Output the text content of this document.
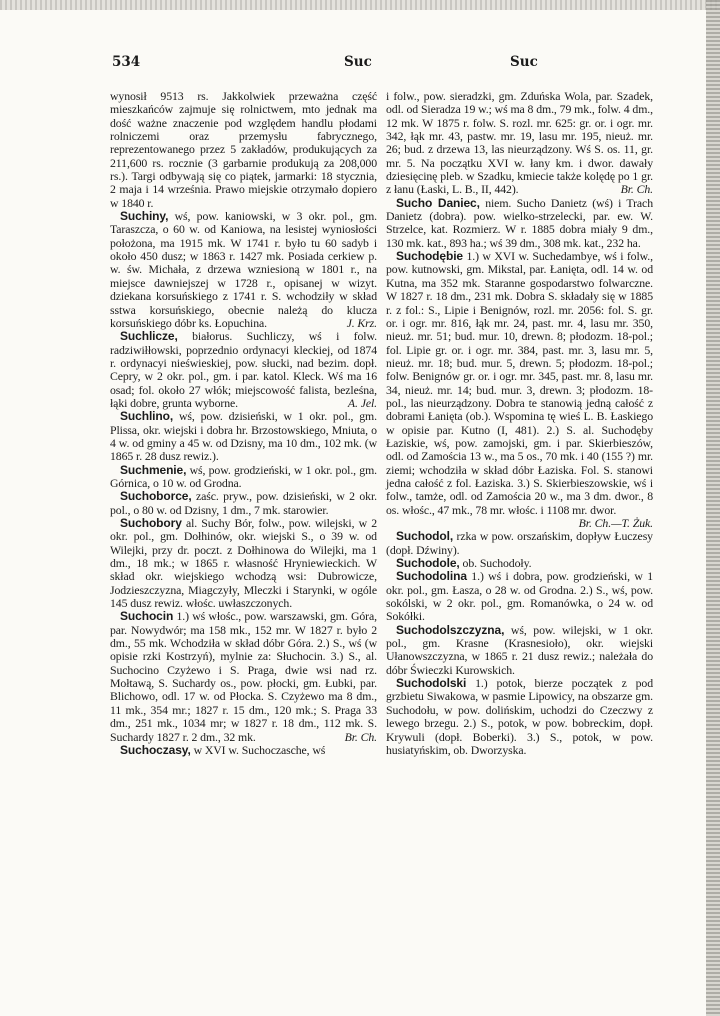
534	Suc	Suc

wynosił 9513 rs. Jakkolwiek przeważna część mieszkańców zajmuje się rolnictwem, mto jednak ma dość ważne znaczenie pod względem handlu płodami rolniczemi oraz przemysłu fabrycznego, reprezentowanego przez 5 zakładów, produkujących za 211,600 rs. rocznie (3 garbarnie produkują za 208,000 rs.). Targi odbywają się co piątek, jarmarki: 18 stycznia, 2 maja i 14 września. Prawo miejskie otrzymało dopiero w 1840 r.

Suchiny, wś, pow. kaniowski, w 3 okr. pol., gm. Taraszcza, o 60 w. od Kaniowa, na lesistej wyniosłości położona, ma 1915 mk. W 1741 r. było tu 60 sadyb i około 450 dusz; w 1863 r. 1427 mk. Posiada cerkiew p. w. św. Michała, z drzewa wzniesioną w 1801 r., na miejsce dawniejszej w 1728 r., opisanej w wizyt. dziekana korsuńskiego z 1741 r. S. wchodziły w skład sstwa korsuńskiego, obecnie należą do klucza korsuńskiego dóbr ks. Łopuchina.	J. Krz.

Suchlicze, białorus. Suchliczy, wś i folw. radziwiłłowski, poprzednio ordynacyi kleckiej, od 1874 r. ordynacyi nieświeskiej, pow. słucki, nad bezim. dopł. Cepry, w 2 okr. pol., gm. i par. katol. Kleck. Wś ma 16 osad; fol. około 27 włók; miejscowość falista, bezleśna, łąki dobre, grunta wyborne.	A. Jel.

Suchlino, wś, pow. dzisieński, w 1 okr. pol., gm. Plissa, okr. wiejski i dobra hr. Brzostowskiego, Mniuta, o 4 w. od gminy a 45 w. od Dzisny, ma 10 dm., 102 mk. (w 1865 r. 28 dusz rewiz.).

Suchmenie, wś, pow. grodzieński, w 1 okr. pol., gm. Górnica, o 10 w. od Grodna.

Suchoborce, zaśc. pryw., pow. dzisieński, w 2 okr. pol., o 80 w. od Dzisny, 1 dm., 7 mk. starowier.

Suchobory al. Suchy Bór, folw., pow. wilejski, w 2 okr. pol., gm. Dołhinów, okr. wiejski S., o 39 w. od Wilejki, przy dr. poczt. z Dołhinowa do Wilejki, ma 1 dm., 18 mk.; w 1865 r. własność Hryniewieckich. W skład okr. wiejskiego wchodzą wsi: Dubrowicze, Jodzieszczyzna, Miagczyły, Mleczki i Starynki, w ogóle 145 dusz rewiz. włośc. uwłaszczonych.

Suchocin 1.) wś włośc., pow. warszawski, gm. Góra, par. Nowydwór; ma 158 mk., 152 mr. W 1827 r. było 2 dm., 55 mk. Wchodziła w skład dóbr Góra. 2.) S., wś (w opisie rzki Kostrzyń), mylnie za: Słuchocin. 3.) S., al. Suchocino Czyżewo i S. Praga, dwie wsi nad rz. Mołtawą, S. Suchardy os., pow. płocki, gm. Łubki, par. Blichowo, odl. 17 w. od Płocka. S. Czyżewo ma 8 dm., 11 mk., 354 mr.; 1827 r. 15 dm., 120 mk.; S. Praga 33 dm., 251 mk., 1034 mr; w 1827 r. 18 dm., 112 mk. S. Suchardy 1827 r. 2 dm., 32 mk.	Br. Ch.

Suchoczasy, w XVI w. Suchoczasche, wś

i folw., pow. sieradzki, gm. Zduńska Wola, par. Szadek, odl. od Sieradza 19 w.; wś ma 8 dm., 79 mk., folw. 4 dm., 12 mk. W 1875 r. folw. S. rozl. mr. 625: gr. or. i ogr. mr. 342, łąk mr. 43, pastw. mr. 19, lasu mr. 195, nieuż. mr. 26; bud. z drzewa 13, las nieurządzony. Wś S. os. 11, gr. mr. 5. Na początku XVI w. łany km. i dwor. dawały dziesięcinę pleb. w Szadku, kmiecie także kolędę po 1 gr. z łanu (Łaski, L. B., II, 442).	Br. Ch.

Sucho Daniec, niem. Sucho Danietz (wś) i Trach Danietz (dobra). pow. wielko-strzelecki, par. ew. W. Strzelce, kat. Rozmierz. W r. 1885 dobra miały 9 dm., 130 mk. kat., 893 ha.; wś 39 dm., 308 mk. kat., 232 ha.

Suchodębie 1.) w XVI w. Suchedambye, wś i folw., pow. kutnowski, gm. Mikstal, par. Łanięta, odl. 14 w. od Kutna, ma 352 mk. Staranne gospodarstwo folwarczne. W 1827 r. 18 dm., 231 mk. Dobra S. składały się w 1885 r. z fol.: S., Lipie i Benignów, rozl. mr. 2056: fol. S. gr. or. i ogr. mr. 816, łąk mr. 24, past. mr. 4, lasu mr. 350, nieuż. mr. 51; bud. mur. 10, drewn. 8; płodozm. 18-pol.; fol. Lipie gr. or. i ogr. mr. 384, past. mr. 3, lasu mr. 5, nieuż. mr. 18; bud. mur. 5, drewn. 5; płodozm. 18-pol.; folw. Benignów gr. or. i ogr. mr. 345, past. mr. 8, lasu mr. 34, nieuż. mr. 14; bud. mur. 3, drewn. 3; płodozm. 18-pol., las nieurządzony. Dobra te stanowią jedną całość z dobrami Łanięta (ob.). Wspomina tę wieś L. B. Łaskiego w opisie par. Kutno (I, 481). 2.) S. al. Suchodęby Łaziskie, wś, pow. zamojski, gm. i par. Skierbieszów, odl. od Zamościa 13 w., ma 5 os., 70 mk. i 40 (155 ?) mr. ziemi; wchodziła w skład dóbr Łaziska. Fol. S. stanowi jedna całość z fol. Łaziska. 3.) S. Skierbieszowskie, wś i folw., tamże, odl. od Zamościa 20 w., ma 3 dm. dwor., 8 os. włośc., 47 mk., 78 mr. włośc. i 1108 mr. dwor.
Br. Ch.—T. Żuk.

Suchodol, rzka w pow. orszańskim, dopływ Łuczesy (dopł. Dźwiny).

Suchodole, ob. Suchodoły.

Suchodolina 1.) wś i dobra, pow. grodzieński, w 1 okr. pol., gm. Łasza, o 28 w. od Grodna. 2.) S., wś, pow. sokólski, w 2 okr. pol., gm. Romanówka, o 24 w. od Sokółki.

Suchodolszczyzna, wś, pow. wilejski, w 1 okr. pol., gm. Krasne (Krasnesioło), okr. wiejski Ułanowszczyzna, w 1865 r. 21 dusz rewiz.; należała do dóbr Świeczki Kurowskich.

Suchodolski 1.) potok, bierze początek z pod grzbietu Siwakowa, w pasmie Lipowicy, na obszarze gm. Suchodołu, w pow. dolińskim, uchodzi do Czeczwy z lewego brzegu. 2.) S., potok, w pow. bobreckim, dopł. Krywuli (dopł. Boberki). 3.) S., potok, w pow. husiatyńskim, ob. Dworzyska.
